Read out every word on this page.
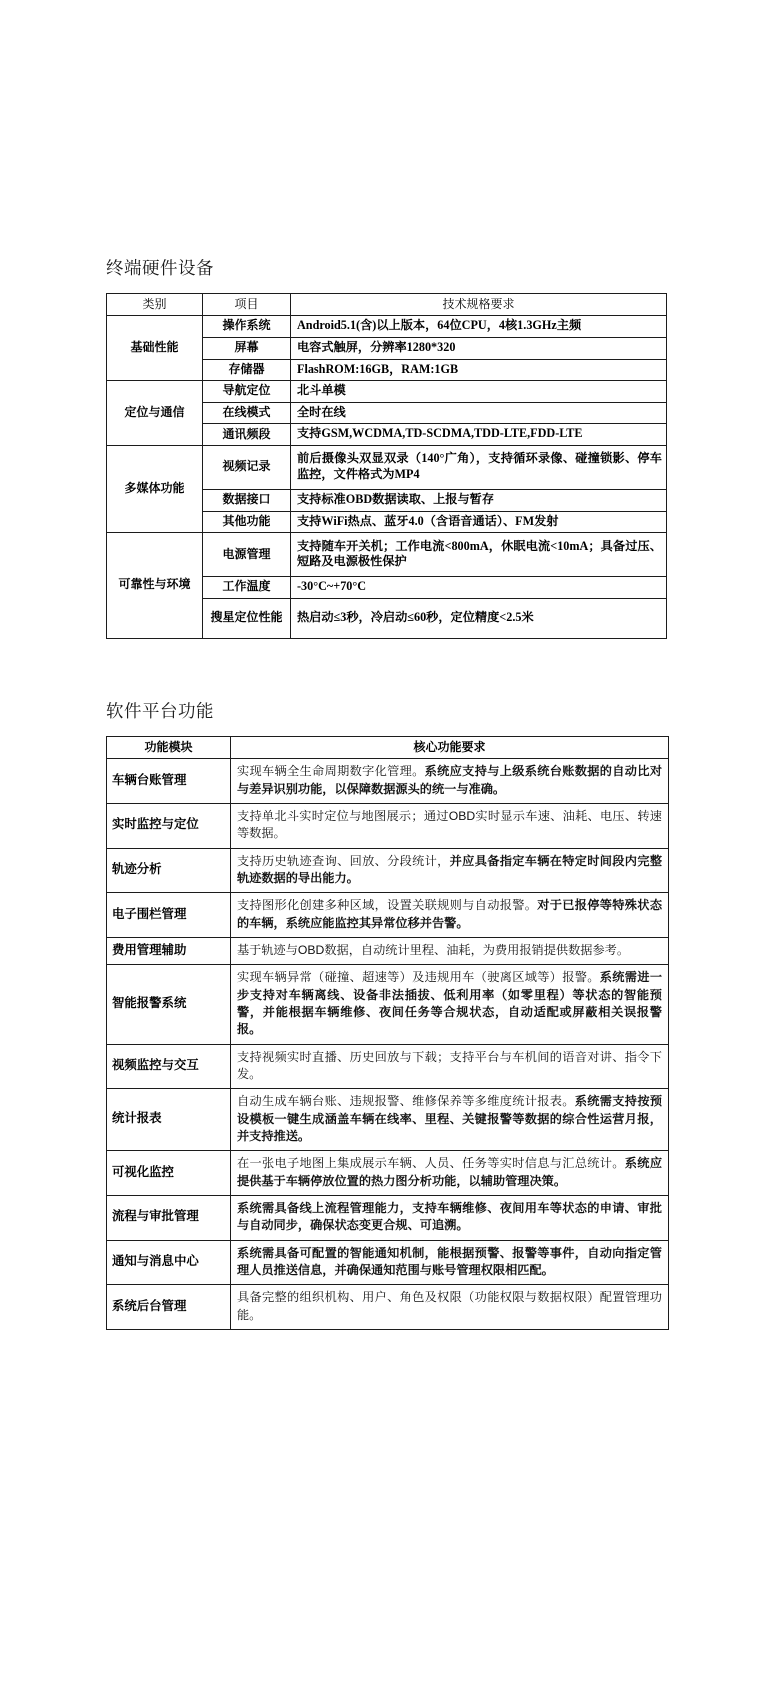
终端硬件设备
类别	项目	技术规格要求
基础性能	操作系统	Android5.1(含)以上版本，64位CPU，4核1.3GHz主频
	屏幕	电容式触屏，分辨率1280*320
	存储器	FlashROM:16GB，RAM:1GB
定位与通信	导航定位	北斗单模
	在线模式	全时在线
	通讯频段	支持GSM,WCDMA,TD-SCDMA,TDD-LTE,FDD-LTE
多媒体功能	视频记录	前后摄像头双显双录（140°广角），支持循环录像、碰撞锁影、停车监控，文件格式为MP4
	数据接口	支持标准OBD数据读取、上报与暂存
	其他功能	支持WiFi热点、蓝牙4.0（含语音通话）、FM发射
可靠性与环境	电源管理	支持随车开关机；工作电流<800mA，休眠电流<10mA；具备过压、短路及电源极性保护
	工作温度	-30°C~+70°C
	搜星定位性能	热启动≤3秒，冷启动≤60秒，定位精度<2.5米
软件平台功能
功能模块	核心功能要求
车辆台账管理	实现车辆全生命周期数字化管理。系统应支持与上级系统台账数据的自动比对与差异识别功能，以保障数据源头的统一与准确。
实时监控与定位	支持单北斗实时定位与地图展示；通过OBD实时显示车速、油耗、电压、转速等数据。
轨迹分析	支持历史轨迹查询、回放、分段统计，并应具备指定车辆在特定时间段内完整轨迹数据的导出能力。
电子围栏管理	支持图形化创建多种区域，设置关联规则与自动报警。对于已报停等特殊状态的车辆，系统应能监控其异常位移并告警。
费用管理辅助	基于轨迹与OBD数据，自动统计里程、油耗，为费用报销提供数据参考。
智能报警系统	实现车辆异常（碰撞、超速等）及违规用车（驶离区域等）报警。系统需进一步支持对车辆离线、设备非法插拔、低利用率（如零里程）等状态的智能预警，并能根据车辆维修、夜间任务等合规状态，自动适配或屏蔽相关误报警报。
视频监控与交互	支持视频实时直播、历史回放与下载；支持平台与车机间的语音对讲、指令下发。
统计报表	自动生成车辆台账、违规报警、维修保养等多维度统计报表。系统需支持按预设模板一键生成涵盖车辆在线率、里程、关键报警等数据的综合性运营月报，并支持推送。
可视化监控	在一张电子地图上集成展示车辆、人员、任务等实时信息与汇总统计。系统应提供基于车辆停放位置的热力图分析功能，以辅助管理决策。
流程与审批管理	系统需具备线上流程管理能力，支持车辆维修、夜间用车等状态的申请、审批与自动同步，确保状态变更合规、可追溯。
通知与消息中心	系统需具备可配置的智能通知机制，能根据预警、报警等事件，自动向指定管理人员推送信息，并确保通知范围与账号管理权限相匹配。
系统后台管理	具备完整的组织机构、用户、角色及权限（功能权限与数据权限）配置管理功能。
